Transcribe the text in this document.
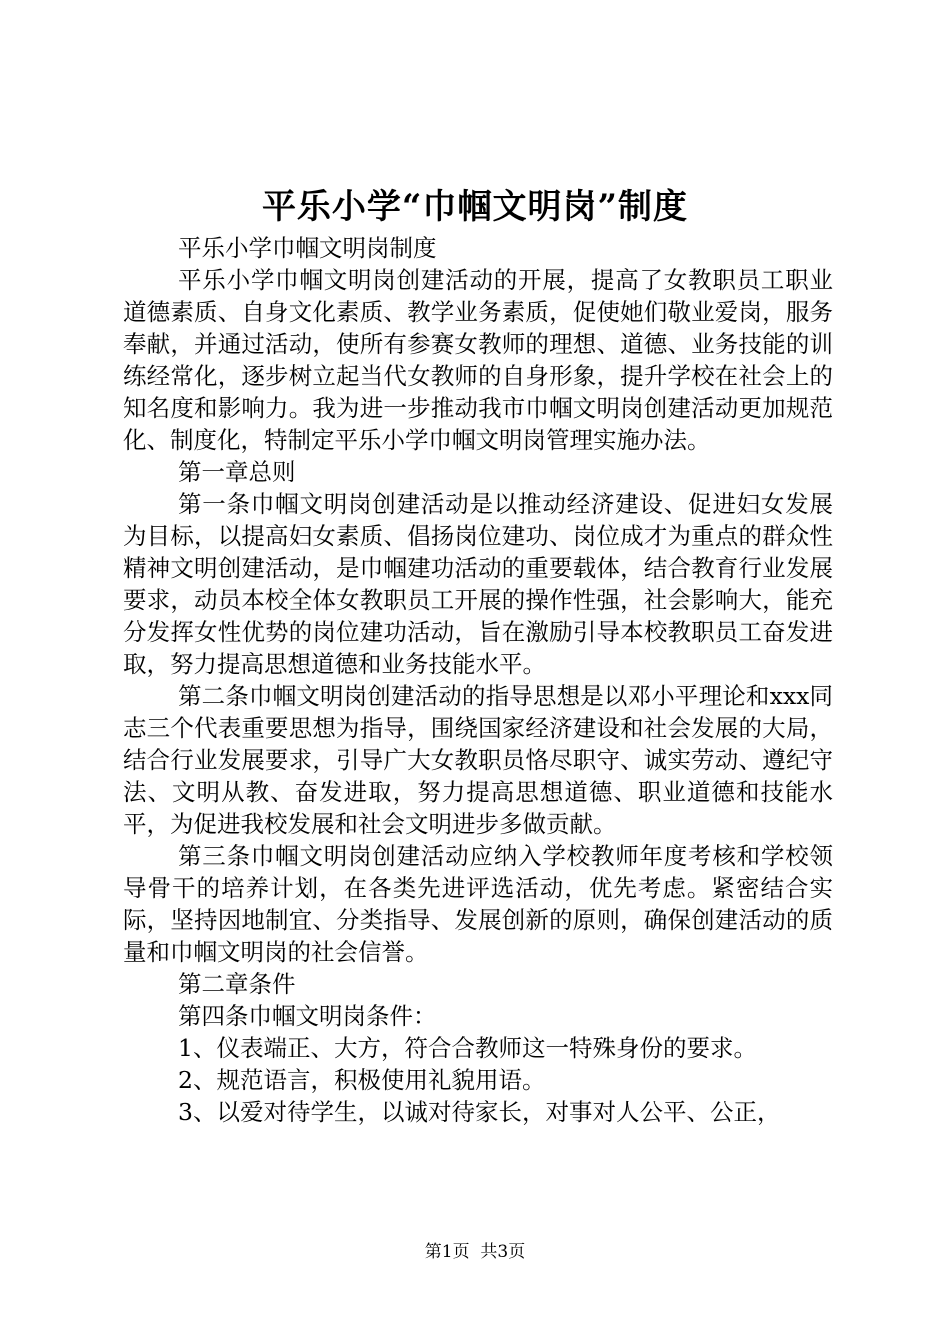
平乐小学“巾帼文明岗”制度

平乐小学巾帼文明岗制度

平乐小学巾帼文明岗创建活动的开展，提高了女教职员工职业道德素质、自身文化素质、教学业务素质，促使她们敬业爱岗，服务奉献，并通过活动，使所有参赛女教师的理想、道德、业务技能的训练经常化，逐步树立起当代女教师的自身形象，提升学校在社会上的知名度和影响力。我为进一步推动我市巾帼文明岗创建活动更加规范化、制度化，特制定平乐小学巾帼文明岗管理实施办法。

第一章总则

第一条巾帼文明岗创建活动是以推动经济建设、促进妇女发展为目标，以提高妇女素质、倡扬岗位建功、岗位成才为重点的群众性精神文明创建活动，是巾帼建功活动的重要载体，结合教育行业发展要求，动员本校全体女教职员工开展的操作性强，社会影响大，能充分发挥女性优势的岗位建功活动，旨在激励引导本校教职员工奋发进取，努力提高思想道德和业务技能水平。

第二条巾帼文明岗创建活动的指导思想是以邓小平理论和xxx同志三个代表重要思想为指导，围绕国家经济建设和社会发展的大局，结合行业发展要求，引导广大女教职员恪尽职守、诚实劳动、遵纪守法、文明从教、奋发进取，努力提高思想道德、职业道德和技能水平，为促进我校发展和社会文明进步多做贡献。

第三条巾帼文明岗创建活动应纳入学校教师年度考核和学校领导骨干的培养计划，在各类先进评选活动，优先考虑。紧密结合实际，坚持因地制宜、分类指导、发展创新的原则，确保创建活动的质量和巾帼文明岗的社会信誉。

第二章条件

第四条巾帼文明岗条件：

1、仪表端正、大方，符合合教师这一特殊身份的要求。

2、规范语言，积极使用礼貌用语。

3、以爱对待学生，以诚对待家长，对事对人公平、公正，

第1页 共3页
